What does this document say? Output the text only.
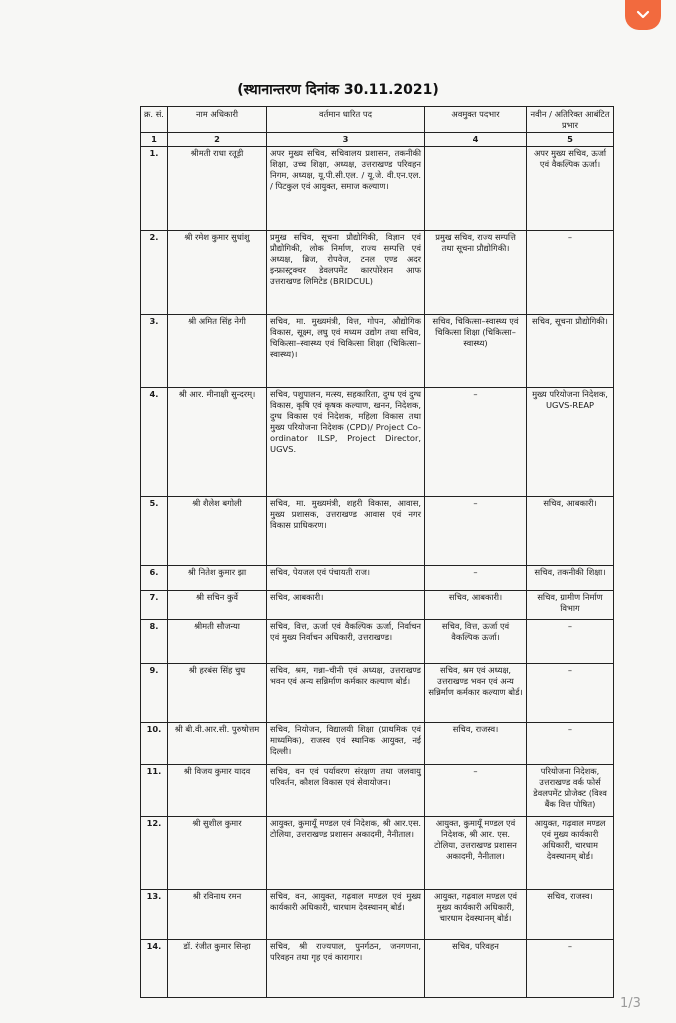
(स्थानान्तरण दिनांक 30.11.2021)
क्र. सं.	नाम अधिकारी	वर्तमान धारित पद	अवमुक्त पदभार	नवीन / अतिरिक्त आबंटित प्रभार
1	2	3	4	5
1.	श्रीमती राधा रतूड़ी	अपर मुख्य सचिव, सचिवालय प्रशासन, तकनीकी शिक्षा, उच्च शिक्षा, अध्यक्ष, उत्तराखण्ड परिवहन निगम, अध्यक्ष, यू.पी.सी.एल. / यू.जे. वी.एन.एल. / पिटकुल एवं आयुक्त, समाज कल्याण।		अपर मुख्य सचिव, ऊर्जा एवं वैकल्पिक ऊर्जा।
2.	श्री रमेश कुमार सुधांशु	प्रमुख सचिव, सूचना प्रौद्योगिकी, विज्ञान एवं प्रौद्योगिकी, लोक निर्माण, राज्य सम्पत्ति एवं अध्यक्ष, ब्रिज, रोपवेज, टनल एण्ड अदर इन्फ्रास्ट्रक्चर डेवलपमेंट कारपोरेशन आफ उत्तराखण्ड लिमिटेड (BRIDCUL)	प्रमुख सचिव, राज्य सम्पत्ति तथा सूचना प्रौद्योगिकी।	–
3.	श्री अमित सिंह नेगी	सचिव, मा. मुख्यमंत्री, वित्त, गोपन, औद्योगिक विकास, सूक्ष्म, लघु एवं मध्यम उद्योग तथा सचिव, चिकित्सा–स्वास्थ्य एवं चिकित्सा शिक्षा (चिकित्सा–स्वास्थ्य)।	सचिव, चिकित्सा–स्वास्थ्य एवं चिकित्सा शिक्षा (चिकित्सा–स्वास्थ्य)	सचिव, सूचना प्रौद्योगिकी।
4.	श्री आर. मीनाक्षी सुन्दरम्।	सचिव, पशुपालन, मत्स्य, सहकारिता, दुग्ध एवं दुग्ध विकास, कृषि एवं कृषक कल्याण, खनन, निदेशक, दुग्ध विकास एवं निदेशक, महिला विकास तथा मुख्य परियोजना निदेशक (CPD)/ Project Co-ordinator ILSP, Project Director, UGVS.	–	मुख्य परियोजना निदेशक, UGVS-REAP
5.	श्री शैलेश बगोली	सचिव, मा. मुख्यमंत्री, शहरी विकास, आवास, मुख्य प्रशासक, उत्तराखण्ड आवास एवं नगर विकास प्राधिकरण।	–	सचिव, आबकारी।
6.	श्री नितेश कुमार झा	सचिव, पेयजल एवं पंचायती राज।	–	सचिव, तकनीकी शिक्षा।
7.	श्री सचिन कुर्वे	सचिव, आबकारी।	सचिव, आबकारी।	सचिव, ग्रामीण निर्माण विभाग
8.	श्रीमती सौजन्या	सचिव, वित्त, ऊर्जा एवं वैकल्पिक ऊर्जा, निर्वाचन एवं मुख्य निर्वाचन अधिकारी, उत्तराखण्ड।	सचिव, वित्त, ऊर्जा एवं वैकल्पिक ऊर्जा।	–
9.	श्री हरबंस सिंह चुघ	सचिव, श्रम, गन्ना–चीनी एवं अध्यक्ष, उत्तराखण्ड भवन एवं अन्य सन्निर्माण कर्मकार कल्याण बोर्ड।	सचिव, श्रम एवं अध्यक्ष, उत्तराखण्ड भवन एवं अन्य सन्निर्माण कर्मकार कल्याण बोर्ड।	–
10.	श्री बी.वी.आर.सी. पुरुषोत्तम	सचिव, नियोजन, विद्यालयी शिक्षा (प्राथमिक एवं माध्यमिक), राजस्व एवं स्थानिक आयुक्त, नई दिल्ली।	सचिव, राजस्व।	–
11.	श्री विजय कुमार यादव	सचिव, वन एवं पर्यावरण संरक्षण तथा जलवायु परिवर्तन, कौशल विकास एवं सेवायोजन।	–	परियोजना निदेशक, उत्तराखण्ड वर्क फोर्स डेवलपमेंट प्रोजेक्ट (विश्व बैंक वित्त पोषित)
12.	श्री सुशील कुमार	आयुक्त, कुमायूँ मण्डल एवं निदेशक, श्री आर.एस. टोलिया, उत्तराखण्ड प्रशासन अकादमी, नैनीताल।	आयुक्त, कुमायूँ मण्डल एवं निदेशक, श्री आर. एस. टोलिया, उत्तराखण्ड प्रशासन अकादमी, नैनीताल।	आयुक्त, गढ़वाल मण्डल एवं मुख्य कार्यकारी अधिकारी, चारधाम देवस्थानम् बोर्ड।
13.	श्री रविनाथ रमन	सचिव, वन, आयुक्त, गढ़वाल मण्डल एवं मुख्य कार्यकारी अधिकारी, चारधाम देवस्थानम् बोर्ड।	आयुक्त, गढ़वाल मण्डल एवं मुख्य कार्यकारी अधिकारी, चारधाम देवस्थानम् बोर्ड।	सचिव, राजस्व।
14.	डॉ. रंजीत कुमार सिन्हा	सचिव, श्री राज्यपाल, पुनर्गठन, जनगणना, परिवहन तथा गृह एवं कारागार।	सचिव, परिवहन	–
1/3
